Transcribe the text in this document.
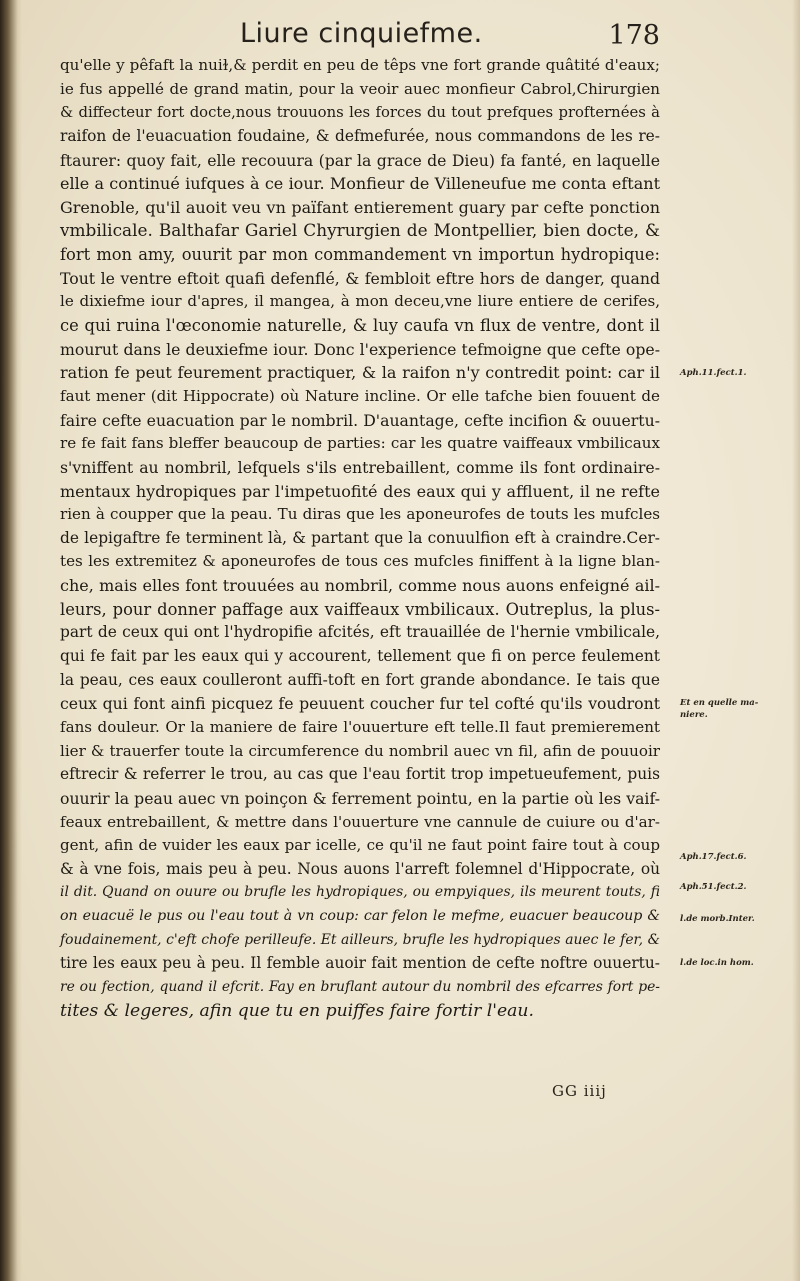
Liure cinquiefme.	178
qu'elle y pêfaft la nuiɫ,& perdit en peu de têps vne fort grande quâtité d'eaux;
ie fus appellé de grand matin, pour la veoir auec monfieur Cabrol,Chirurgien
& diffecteur fort docte,nous trouuons les forces du tout prefques profternées à
raifon de l'euacuation foudaine, & defmefurée, nous commandons de les re-
ftaurer: quoy fait, elle recouura (par la grace de Dieu) fa fanté, en laquelle
elle a continué iufques à ce iour. Monfieur de Villeneufue me conta eftant
Grenoble, qu'il auoit veu vn païfant entierement guary par cefte ponction
vmbilicale. Balthafar Gariel Chyrurgien de Montpellier, bien docte, &
fort mon amy, ouurit par mon commandement vn importun hydropique:
Tout le ventre eftoit quafi defenflé, & fembloit eftre hors de danger, quand
le dixiefme iour d'apres, il mangea, à mon deceu,vne liure entiere de cerifes,
ce qui ruina l'œconomie naturelle, & luy caufa vn flux de ventre, dont il
mourut dans le deuxiefme iour. Donc l'experience tefmoigne que cefte ope-
ration fe peut feurement practiquer, & la raifon n'y contredit point: car il
faut mener (dit Hippocrate) où Nature incline. Or elle tafche bien fouuent de
faire cefte euacuation par le nombril. D'auantage, cefte incifion & ouuertu-
re fe fait fans bleffer beaucoup de parties: car les quatre vaiffeaux vmbilicaux
s'vniffent au nombril, lefquels s'ils entrebaillent, comme ils font ordinaire-
mentaux hydropiques par l'impetuofité des eaux qui y affluent, il ne refte
rien à coupper que la peau. Tu diras que les aponeurofes de touts les mufcles
de lepigaftre fe terminent là, & partant que la conuulfion eft à craindre.Cer-
tes les extremitez & aponeurofes de tous ces mufcles finiffent à la ligne blan-
che, mais elles font trouuées au nombril, comme nous auons enfeigné ail-
leurs, pour donner paffage aux vaiffeaux vmbilicaux. Outreplus, la plus-
part de ceux qui ont l'hydropifie afcités, eft trauaillée de l'hernie vmbilicale,
qui fe fait par les eaux qui y accourent, tellement que fi on perce feulement
la peau, ces eaux coulleront auffi-toft en fort grande abondance. Ie tais que
ceux qui font ainfi picquez fe peuuent coucher fur tel cofté qu'ils voudront
fans douleur. Or la maniere de faire l'ouuerture eft telle.Il faut premierement
lier & trauerfer toute la circumference du nombril auec vn fil, afin de pouuoir
eftrecir & referrer le trou, au cas que l'eau fortit trop impetueufement, puis
ouurir la peau auec vn poinçon & ferrement pointu, en la partie où les vaif-
feaux entrebaillent, & mettre dans l'ouuerture vne cannule de cuiure ou d'ar-
gent, afin de vuider les eaux par icelle, ce qu'il ne faut point faire tout à coup
& à vne fois, mais peu à peu. Nous auons l'arreft folemnel d'Hippocrate, où
il dit. Quand on ouure ou brufle les hydropiques, ou empyiques, ils meurent touts, fi
on euacuë le pus ou l'eau tout à vn coup: car felon le mefme, euacuer beaucoup &
foudainement, c'eft chofe perilleufe. Et ailleurs, brufle les hydropiques auec le fer, &
tire les eaux peu à peu. Il femble auoir fait mention de cefte noftre ouuertu-
re ou fection, quand il efcrit. Fay en bruflant autour du nombril des efcarres fort pe-
tites & legeres, afin que tu en puiffes faire fortir l'eau.
Aph.11.fect.1.
Et en quelle ma-
niere.
Aph.17.fect.6.
Aph.51.fect.2.
l.de morb.Inter.
l.de loc.in hom.
GG iiij
